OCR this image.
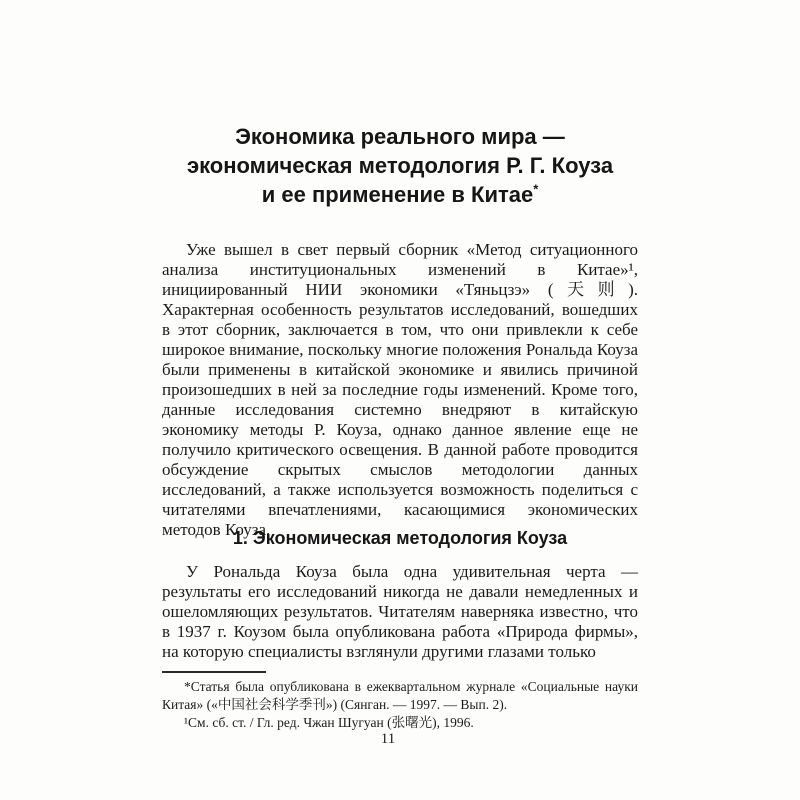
Экономика реального мира —
экономическая методология Р. Г. Коуза
и ее применение в Китае*

Уже вышел в свет первый сборник «Метод ситуационного анализа институциональных изменений в Китае»¹, инициированный НИИ экономики «Тяньцзэ» (天则). Характерная особенность результатов исследований, вошедших в этот сборник, заключается в том, что они привлекли к себе широкое внимание, поскольку многие положения Рональда Коуза были применены в китайской экономике и явились причиной произошедших в ней за последние годы изменений. Кроме того, данные исследования системно внедряют в китайскую экономику методы Р. Коуза, однако данное явление еще не получило критического освещения. В данной работе проводится обсуждение скрытых смыслов методологии данных исследований, а также используется возможность поделиться с читателями впечатлениями, касающимися экономических методов Коуза.

1. Экономическая методология Коуза

У Рональда Коуза была одна удивительная черта — результаты его исследований никогда не давали немедленных и ошеломляющих результатов. Читателям наверняка известно, что в 1937 г. Коузом была опубликована работа «Природа фирмы», на которую специалисты взглянули другими глазами только

*Статья была опубликована в ежеквартальном журнале «Социальные науки Китая» («中国社会科学季刊») (Сянган. — 1997. — Вып. 2).

¹См. сб. ст. / Гл. ред. Чжан Шугуан (张曙光), 1996.

11
